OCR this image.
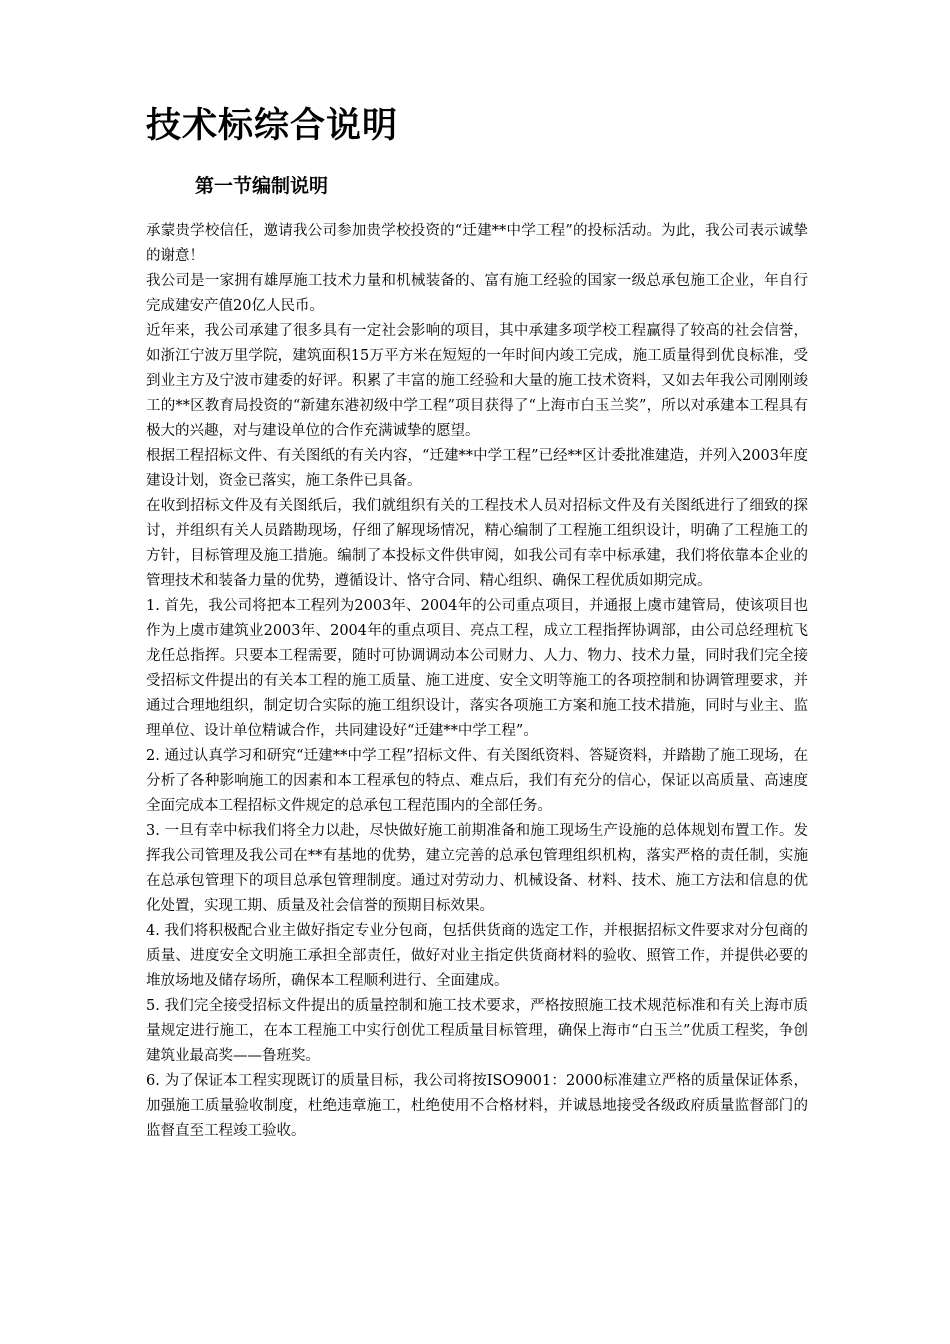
技术标综合说明
第一节编制说明

承蒙贵学校信任，邀请我公司参加贵学校投资的“迁建**中学工程”的投标活动。为此，我公司表示诚挚的谢意！

我公司是一家拥有雄厚施工技术力量和机械装备的、富有施工经验的国家一级总承包施工企业，年自行完成建安产值20亿人民币。

近年来，我公司承建了很多具有一定社会影响的项目，其中承建多项学校工程赢得了较高的社会信誉，如浙江宁波万里学院，建筑面积15万平方米在短短的一年时间内竣工完成，施工质量得到优良标准，受到业主方及宁波市建委的好评。积累了丰富的施工经验和大量的施工技术资料，又如去年我公司刚刚竣工的**区教育局投资的“新建东港初级中学工程”项目获得了“上海市白玉兰奖”，所以对承建本工程具有极大的兴趣，对与建设单位的合作充满诚挚的愿望。

根据工程招标文件、有关图纸的有关内容，“迁建**中学工程”已经**区计委批准建造，并列入2003年度建设计划，资金已落实，施工条件已具备。

在收到招标文件及有关图纸后，我们就组织有关的工程技术人员对招标文件及有关图纸进行了细致的探讨，并组织有关人员踏勘现场，仔细了解现场情况，精心编制了工程施工组织设计，明确了工程施工的方针，目标管理及施工措施。编制了本投标文件供审阅，如我公司有幸中标承建，我们将依靠本企业的管理技术和装备力量的优势，遵循设计、恪守合同、精心组织、确保工程优质如期完成。

1. 首先，我公司将把本工程列为2003年、2004年的公司重点项目，并通报上虞市建管局，使该项目也作为上虞市建筑业2003年、2004年的重点项目、亮点工程，成立工程指挥协调部，由公司总经理杭飞龙任总指挥。只要本工程需要，随时可协调调动本公司财力、人力、物力、技术力量，同时我们完全接受招标文件提出的有关本工程的施工质量、施工进度、安全文明等施工的各项控制和协调管理要求，并通过合理地组织，制定切合实际的施工组织设计，落实各项施工方案和施工技术措施，同时与业主、监理单位、设计单位精诚合作，共同建设好“迁建**中学工程”。

2. 通过认真学习和研究“迁建**中学工程”招标文件、有关图纸资料、答疑资料，并踏勘了施工现场，在分析了各种影响施工的因素和本工程承包的特点、难点后，我们有充分的信心，保证以高质量、高速度全面完成本工程招标文件规定的总承包工程范围内的全部任务。

3. 一旦有幸中标我们将全力以赴，尽快做好施工前期准备和施工现场生产设施的总体规划布置工作。发挥我公司管理及我公司在**有基地的优势，建立完善的总承包管理组织机构，落实严格的责任制，实施在总承包管理下的项目总承包管理制度。通过对劳动力、机械设备、材料、技术、施工方法和信息的优化处置，实现工期、质量及社会信誉的预期目标效果。

4. 我们将积极配合业主做好指定专业分包商，包括供货商的选定工作，并根据招标文件要求对分包商的质量、进度安全文明施工承担全部责任，做好对业主指定供货商材料的验收、照管工作，并提供必要的堆放场地及储存场所，确保本工程顺利进行、全面建成。

5. 我们完全接受招标文件提出的质量控制和施工技术要求，严格按照施工技术规范标准和有关上海市质量规定进行施工，在本工程施工中实行创优工程质量目标管理，确保上海市“白玉兰”优质工程奖，争创建筑业最高奖——鲁班奖。

6. 为了保证本工程实现既订的质量目标，我公司将按ISO9001：2000标准建立严格的质量保证体系，加强施工质量验收制度，杜绝违章施工，杜绝使用不合格材料，并诚恳地接受各级政府质量监督部门的监督直至工程竣工验收。
